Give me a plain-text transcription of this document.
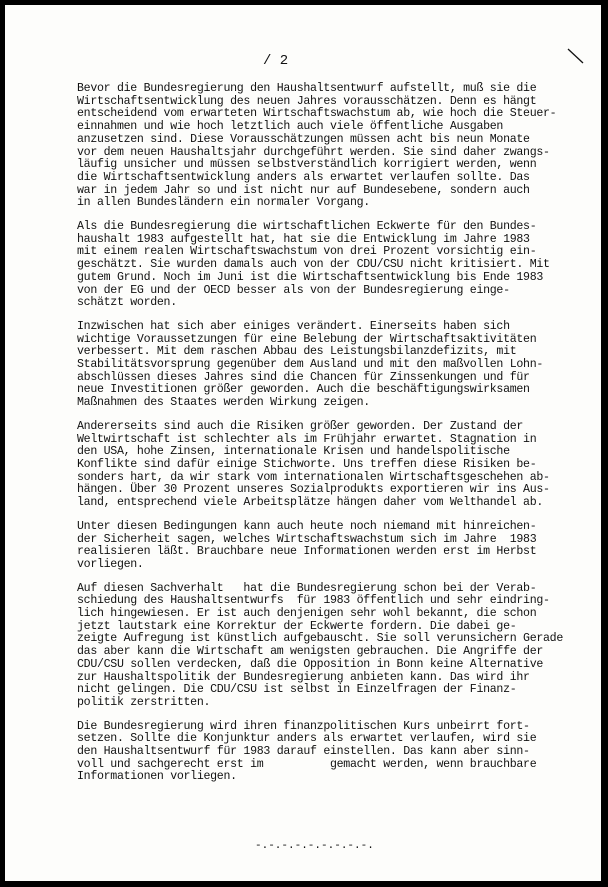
/ 2
Bevor die Bundesregierung den Haushaltsentwurf aufstellt, muß sie die
Wirtschaftsentwicklung des neuen Jahres vorausschätzen. Denn es hängt
entscheidend vom erwarteten Wirtschaftswachstum ab, wie hoch die Steuer-
einnahmen und wie hoch letztlich auch viele öffentliche Ausgaben
anzusetzen sind. Diese Vorausschätzungen müssen acht bis neun Monate
vor dem neuen Haushaltsjahr durchgeführt werden. Sie sind daher zwangs-
läufig unsicher und müssen selbstverständlich korrigiert werden, wenn
die Wirtschaftsentwicklung anders als erwartet verlaufen sollte. Das
war in jedem Jahr so und ist nicht nur auf Bundesebene, sondern auch
in allen Bundesländern ein normaler Vorgang.
Als die Bundesregierung die wirtschaftlichen Eckwerte für den Bundes-
haushalt 1983 aufgestellt hat, hat sie die Entwicklung im Jahre 1983
mit einem realen Wirtschaftswachstum von drei Prozent vorsichtig ein-
geschätzt. Sie wurden damals auch von der CDU/CSU nicht kritisiert. Mit
gutem Grund. Noch im Juni ist die Wirtschaftsentwicklung bis Ende 1983
von der EG und der OECD besser als von der Bundesregierung einge-
schätzt worden.
Inzwischen hat sich aber einiges verändert. Einerseits haben sich
wichtige Voraussetzungen für eine Belebung der Wirtschaftsaktivitäten
verbessert. Mit dem raschen Abbau des Leistungsbilanzdefizits, mit
Stabilitätsvorsprung gegenüber dem Ausland und mit den maßvollen Lohn-
abschlüssen dieses Jahres sind die Chancen für Zinssenkungen und für
neue Investitionen größer geworden. Auch die beschäftigungswirksamen
Maßnahmen des Staates werden Wirkung zeigen.
Andererseits sind auch die Risiken größer geworden. Der Zustand der
Weltwirtschaft ist schlechter als im Frühjahr erwartet. Stagnation in
den USA, hohe Zinsen, internationale Krisen und handelspolitische
Konflikte sind dafür einige Stichworte. Uns treffen diese Risiken be-
sonders hart, da wir stark vom internationalen Wirtschaftsgeschehen ab-
hängen. Über 30 Prozent unseres Sozialprodukts exportieren wir ins Aus-
land, entsprechend viele Arbeitsplätze hängen daher vom Welthandel ab.
Unter diesen Bedingungen kann auch heute noch niemand mit hinreichen-
der Sicherheit sagen, welches Wirtschaftswachstum sich im Jahre  1983
realisieren läßt. Brauchbare neue Informationen werden erst im Herbst
vorliegen.
Auf diesen Sachverhalt   hat die Bundesregierung schon bei der Verab-
schiedung des Haushaltsentwurfs  für 1983 öffentlich und sehr eindring-
lich hingewiesen. Er ist auch denjenigen sehr wohl bekannt, die schon
jetzt lautstark eine Korrektur der Eckwerte fordern. Die dabei ge-
zeigte Aufregung ist künstlich aufgebauscht. Sie soll verunsichern Gerade
das aber kann die Wirtschaft am wenigsten gebrauchen. Die Angriffe der
CDU/CSU sollen verdecken, daß die Opposition in Bonn keine Alternative
zur Haushaltspolitik der Bundesregierung anbieten kann. Das wird ihr
nicht gelingen. Die CDU/CSU ist selbst in Einzelfragen der Finanz-
politik zerstritten.
Die Bundesregierung wird ihren finanzpolitischen Kurs unbeirrt fort-
setzen. Sollte die Konjunktur anders als erwartet verlaufen, wird sie
den Haushaltsentwurf für 1983 darauf einstellen. Das kann aber sinn-
voll und sachgerecht erst im          gemacht werden, wenn brauchbare
Informationen vorliegen.
-.-.-.-.-.-.-.-.-.
